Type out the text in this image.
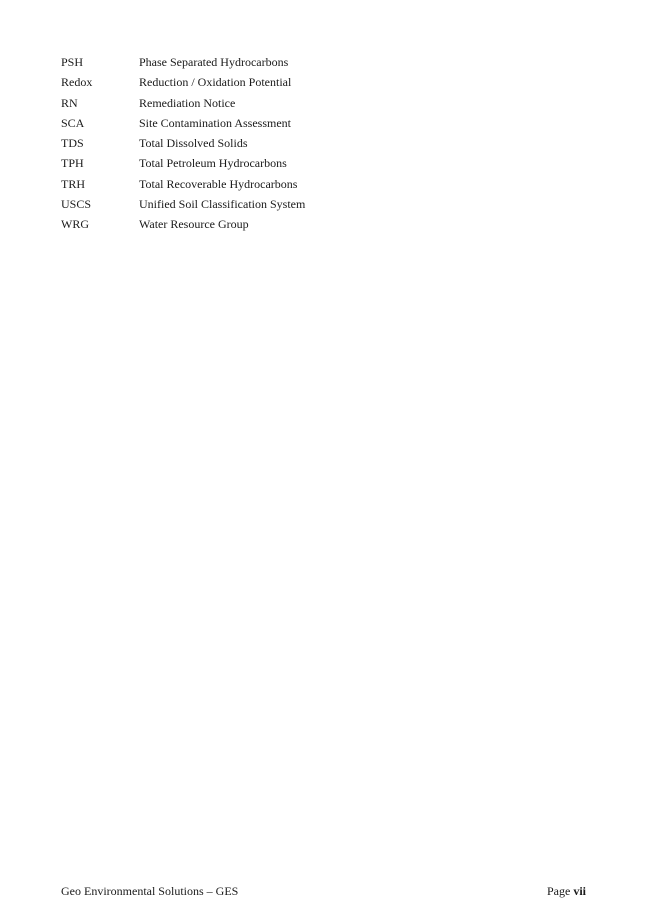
PSH	Phase Separated Hydrocarbons
Redox	Reduction / Oxidation Potential
RN	Remediation Notice
SCA	Site Contamination Assessment
TDS	Total Dissolved Solids
TPH	Total Petroleum Hydrocarbons
TRH	Total Recoverable Hydrocarbons
USCS	Unified Soil Classification System
WRG	Water Resource Group
Geo Environmental Solutions – GES	Page vii
